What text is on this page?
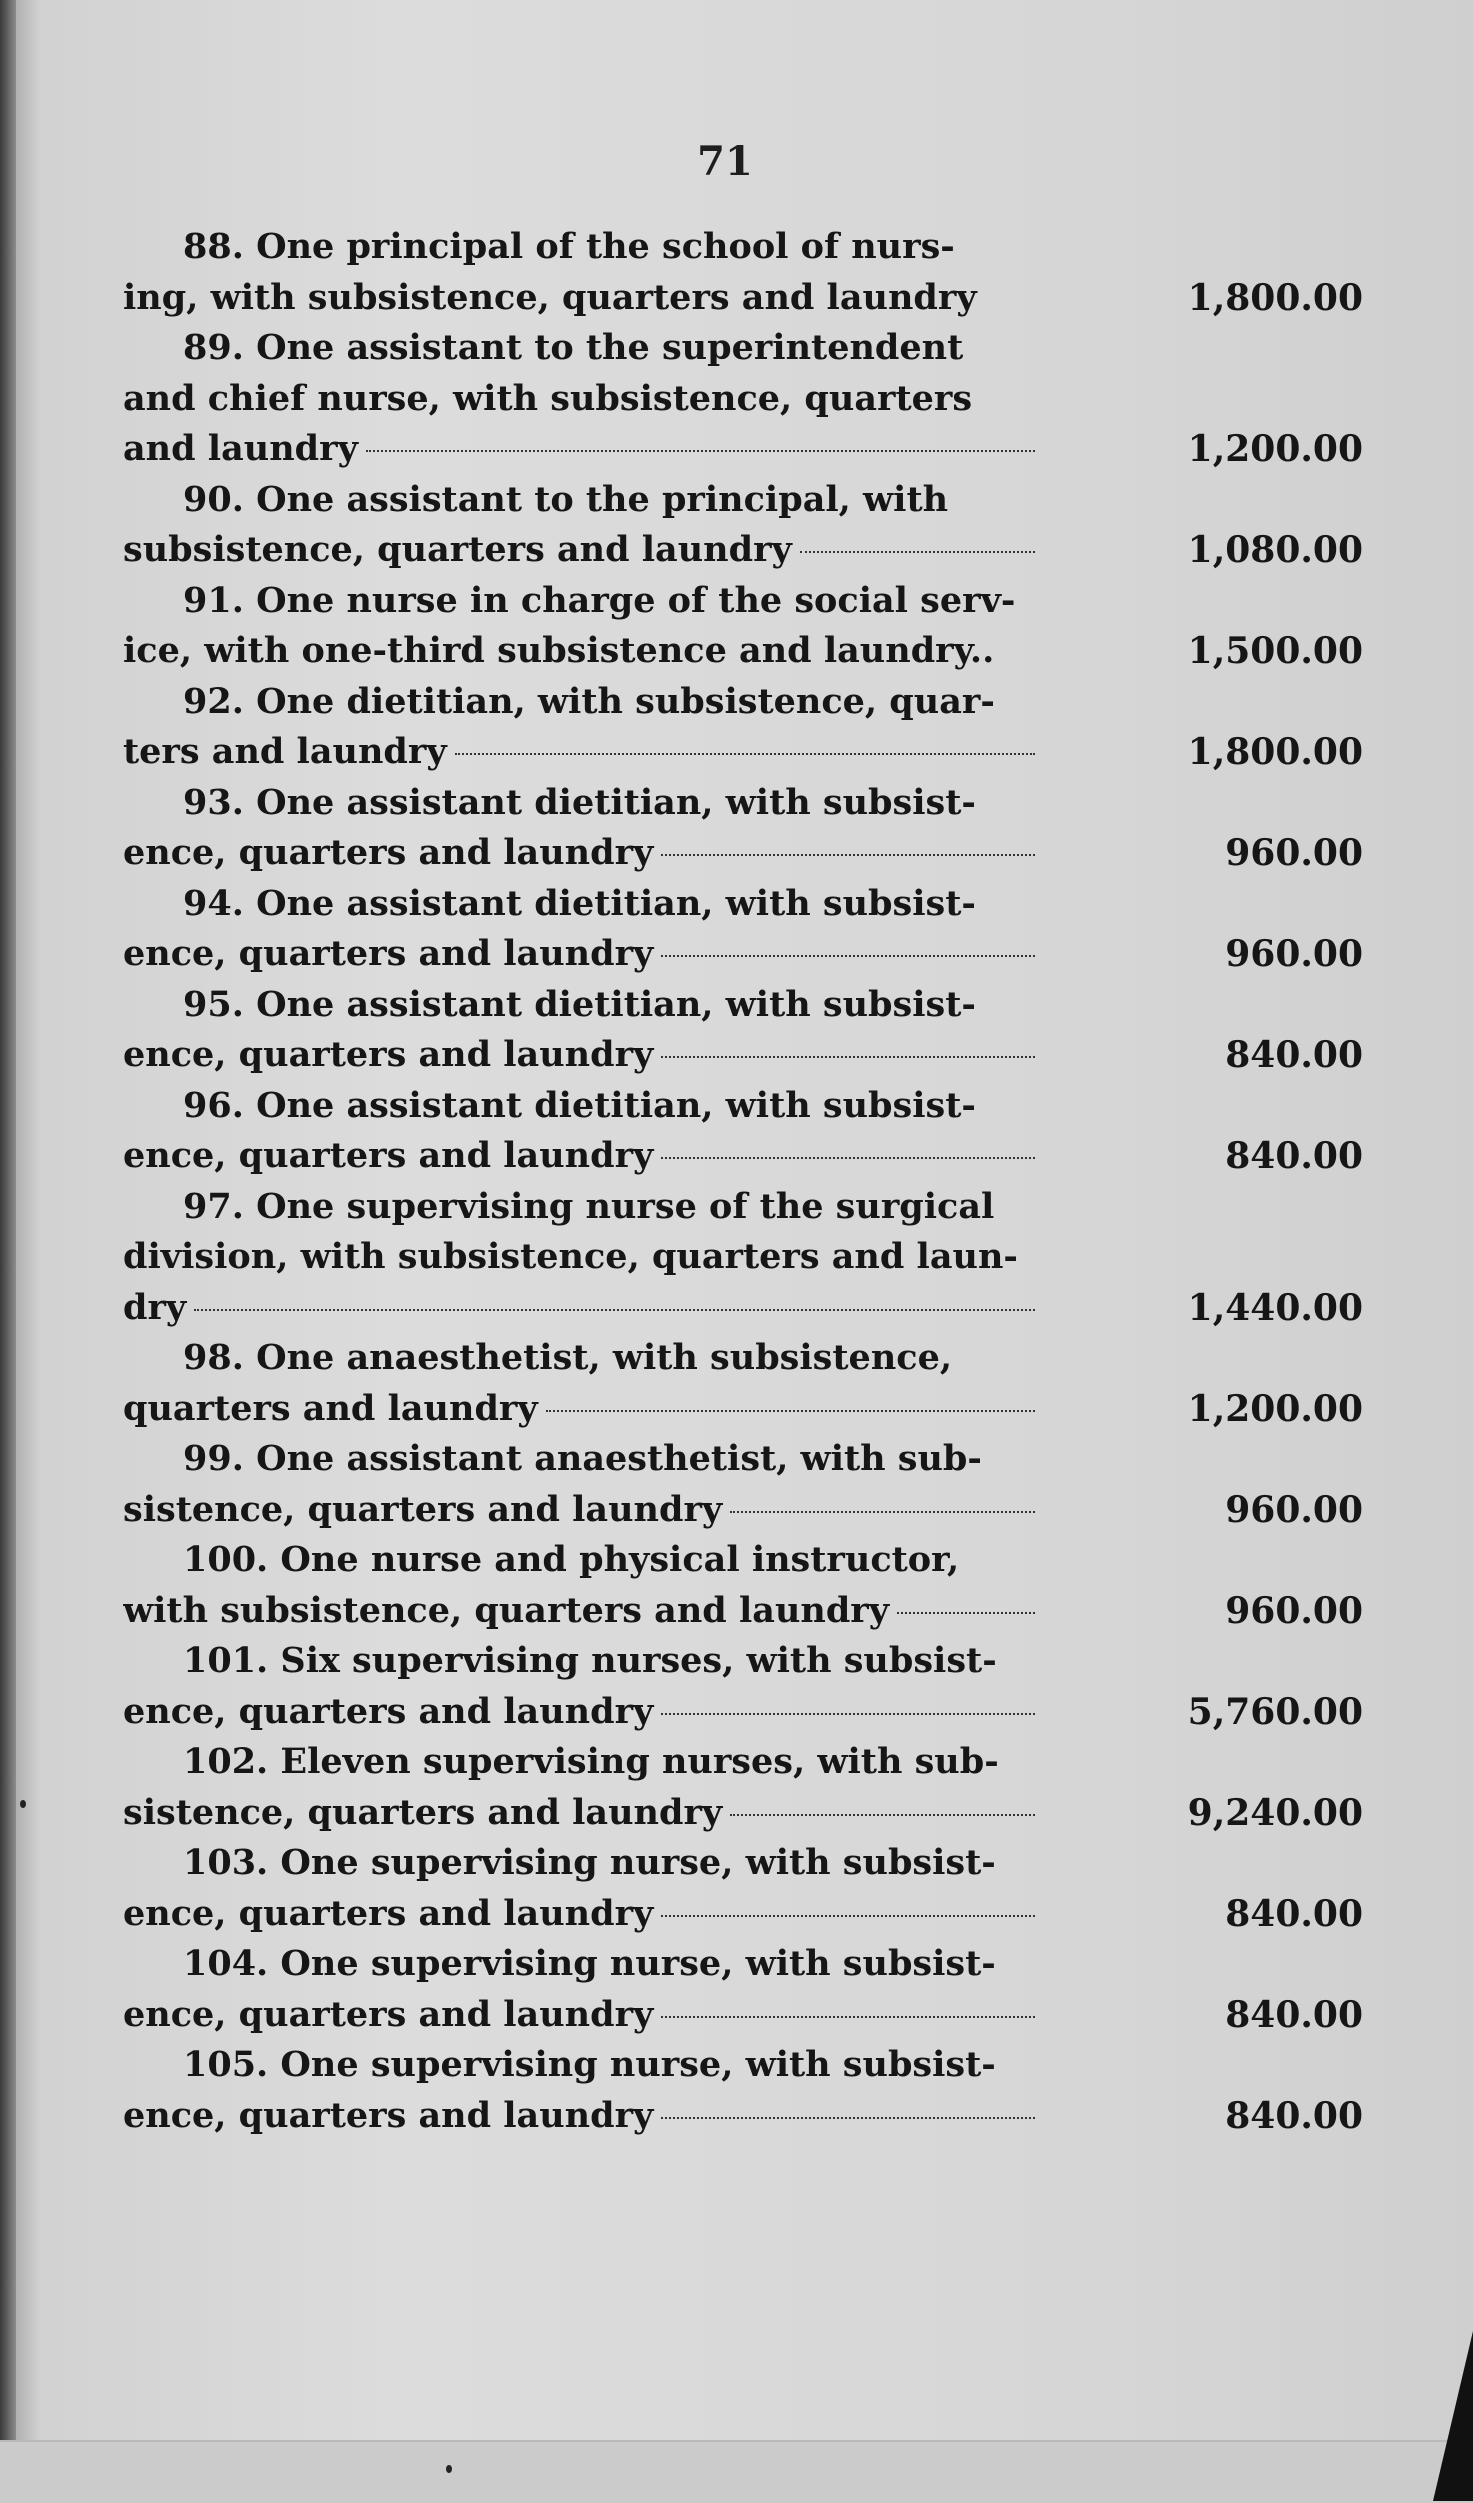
71
88. One principal of the school of nurs-
ing, with subsistence, quarters and laundry	1,800.00
89. One assistant to the superintendent
and chief nurse, with subsistence, quarters
and laundry	1,200.00
90. One assistant to the principal, with
subsistence, quarters and laundry	1,080.00
91. One nurse in charge of the social serv-
ice, with one-third subsistence and laundry..	1,500.00
92. One dietitian, with subsistence, quar-
ters and laundry	1,800.00
93. One assistant dietitian, with subsist-
ence, quarters and laundry	960.00
94. One assistant dietitian, with subsist-
ence, quarters and laundry	960.00
95. One assistant dietitian, with subsist-
ence, quarters and laundry	840.00
96. One assistant dietitian, with subsist-
ence, quarters and laundry	840.00
97. One supervising nurse of the surgical
division, with subsistence, quarters and laun-
dry	1,440.00
98. One anaesthetist, with subsistence,
quarters and laundry	1,200.00
99. One assistant anaesthetist, with sub-
sistence, quarters and laundry	960.00
100. One nurse and physical instructor,
with subsistence, quarters and laundry	960.00
101. Six supervising nurses, with subsist-
ence, quarters and laundry	5,760.00
102. Eleven supervising nurses, with sub-
sistence, quarters and laundry	9,240.00
103. One supervising nurse, with subsist-
ence, quarters and laundry	840.00
104. One supervising nurse, with subsist-
ence, quarters and laundry	840.00
105. One supervising nurse, with subsist-
ence, quarters and laundry	840.00
